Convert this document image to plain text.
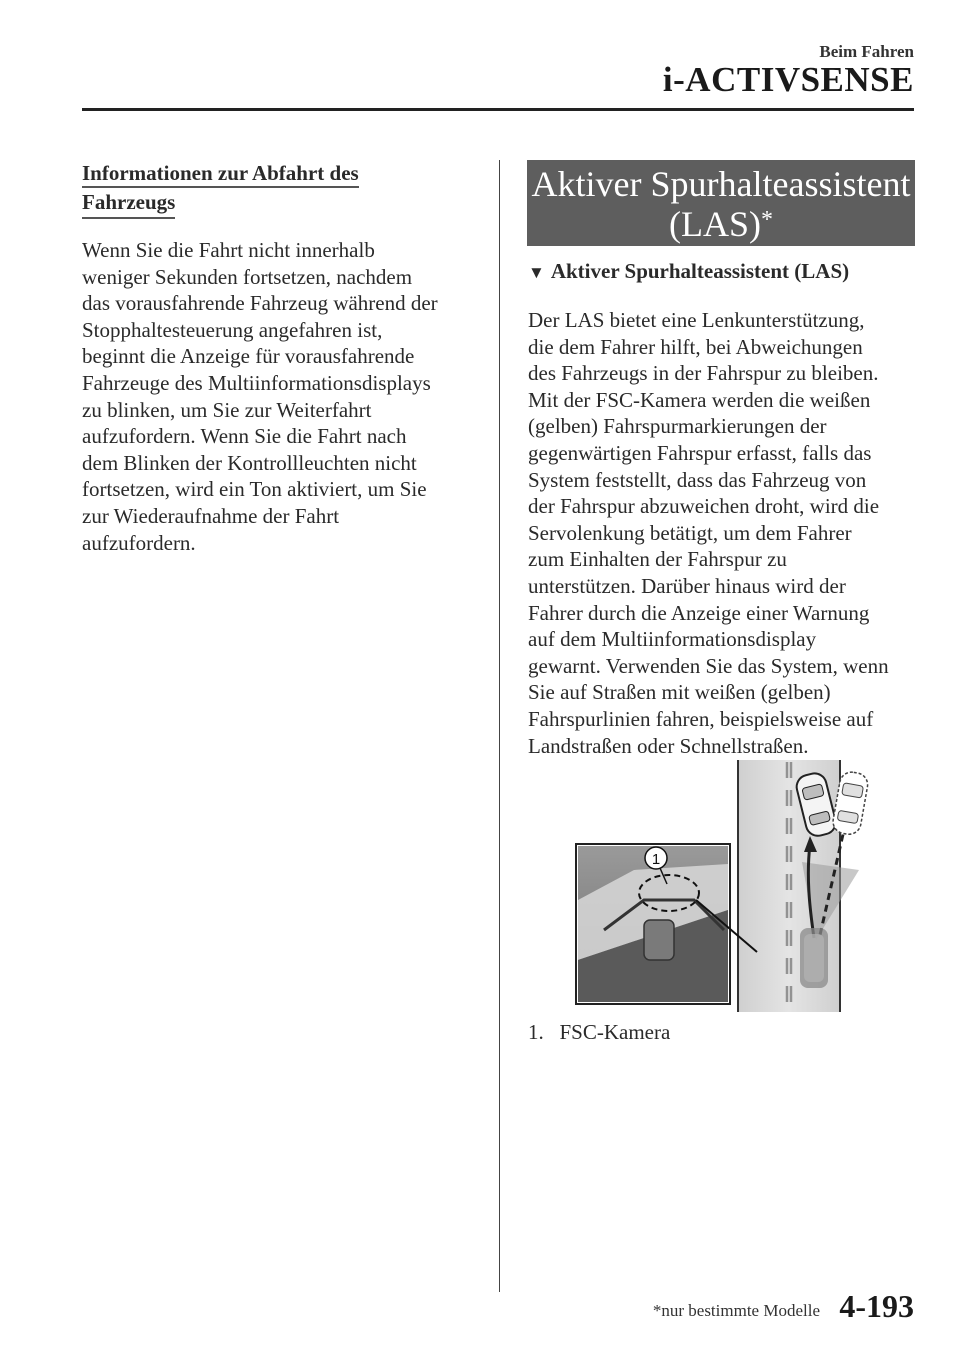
Beim Fahren
i-ACTIVSENSE
Informationen zur Abfahrt des
Fahrzeugs

Wenn Sie die Fahrt nicht innerhalb
weniger Sekunden fortsetzen, nachdem
das vorausfahrende Fahrzeug während der
Stopphaltesteuerung angefahren ist,
beginnt die Anzeige für vorausfahrende
Fahrzeuge des Multiinformationsdisplays
zu blinken, um Sie zur Weiterfahrt
aufzufordern. Wenn Sie die Fahrt nach
dem Blinken der Kontrollleuchten nicht
fortsetzen, wird ein Ton aktiviert, um Sie
zur Wiederaufnahme der Fahrt
aufzufordern.

Aktiver Spurhalteassistent
(LAS)*
▼ Aktiver Spurhalteassistent (LAS)

Der LAS bietet eine Lenkunterstützung,
die dem Fahrer hilft, bei Abweichungen
des Fahrzeugs in der Fahrspur zu bleiben.
Mit der FSC-Kamera werden die weißen
(gelben) Fahrspurmarkierungen der
gegenwärtigen Fahrspur erfasst, falls das
System feststellt, dass das Fahrzeug von
der Fahrspur abzuweichen droht, wird die
Servolenkung betätigt, um dem Fahrer
zum Einhalten der Fahrspur zu
unterstützen. Darüber hinaus wird der
Fahrer durch die Anzeige einer Warnung
auf dem Multiinformationsdisplay
gewarnt. Verwenden Sie das System, wenn
Sie auf Straßen mit weißen (gelben)
Fahrspurlinien fahren, beispielsweise auf
Landstraßen oder Schnellstraßen.

1
1.   FSC-Kamera
*nur bestimmte Modelle 4-193
